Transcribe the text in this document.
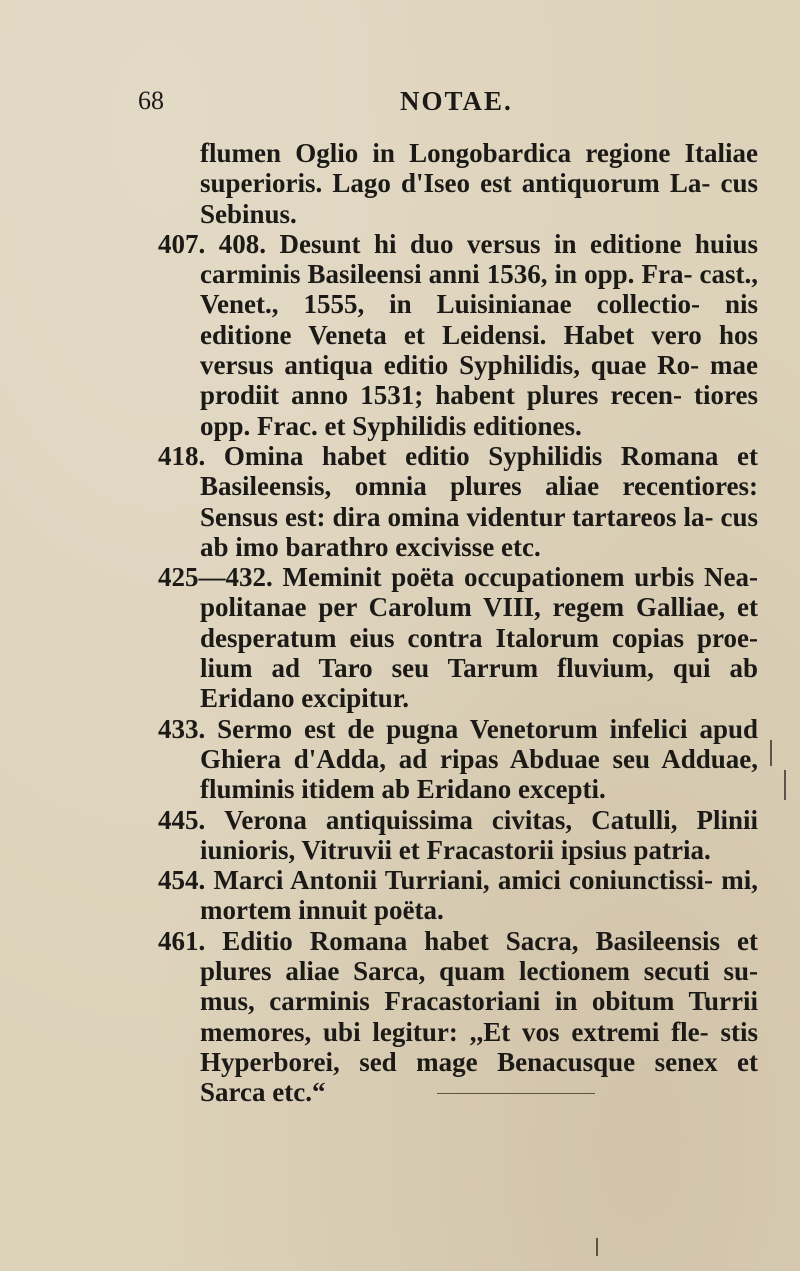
68	NOTAE.

flumen Oglio in Longobardica regione Italiae superioris. Lago d'Iseo est antiquorum La- cus Sebinus.

407. 408. Desunt hi duo versus in editione huius carminis Basileensi anni 1536, in opp. Fra- cast., Venet., 1555, in Luisinianae collectio- nis editione Veneta et Leidensi. Habet vero hos versus antiqua editio Syphilidis, quae Ro- mae prodiit anno 1531; habent plures recen- tiores opp. Frac. et Syphilidis editiones.

418. Omina habet editio Syphilidis Romana et Basileensis, omnia plures aliae recentiores: Sensus est: dira omina videntur tartareos la- cus ab imo barathro excivisse etc.

425—432. Meminit poëta occupationem urbis Nea- politanae per Carolum VIII, regem Galliae, et desperatum eius contra Italorum copias proe- lium ad Taro seu Tarrum fluvium, qui ab Eridano excipitur.

433. Sermo est de pugna Venetorum infelici apud Ghiera d'Adda, ad ripas Abduae seu Adduae, fluminis itidem ab Eridano excepti.

445. Verona antiquissima civitas, Catulli, Plinii iunioris, Vitruvii et Fracastorii ipsius patria.

454. Marci Antonii Turriani, amici coniunctissi- mi, mortem innuit poëta.

461. Editio Romana habet Sacra, Basileensis et plures aliae Sarca, quam lectionem secuti su- mus, carminis Fracastoriani in obitum Turrii memores, ubi legitur: ,,Et vos extremi fle- stis Hyperborei, sed mage Benacusque senex et Sarca etc.“
